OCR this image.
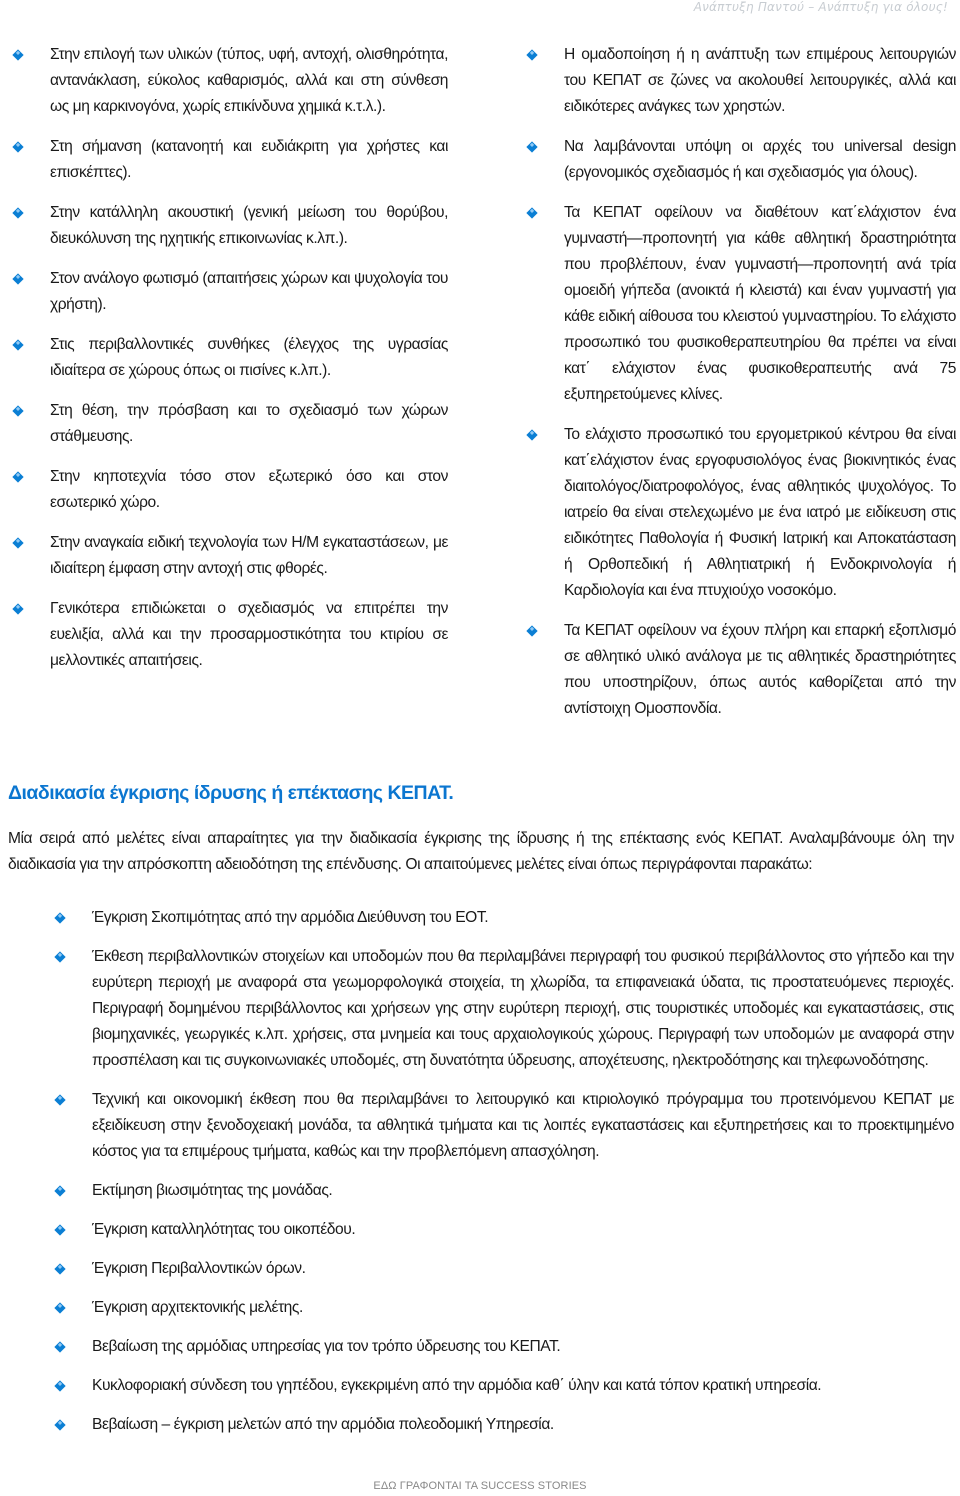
Ανάπτυξη Παντού – Ανάπτυξη για όλους!
Στην επιλογή των υλικών (τύπος, υφή, αντοχή, ολισθηρότητα, αντανάκλαση, εύκολος καθαρισμός, αλλά και στη σύνθεση ως μη καρκινογόνα, χωρίς επικίνδυνα χημικά κ.τ.λ.).
Στη σήμανση (κατανοητή και ευδιάκριτη για χρήστες και επισκέπτες).
Στην κατάλληλη ακουστική (γενική μείωση του θορύβου, διευκόλυνση της ηχητικής επικοινωνίας κ.λπ.).
Στον ανάλογο φωτισμό (απαιτήσεις χώρων και ψυχολογία του χρήστη).
Στις περιβαλλοντικές συνθήκες (έλεγχος της υγρασίας ιδιαίτερα σε χώρους όπως οι πισίνες κ.λπ.).
Στη θέση, την πρόσβαση και το σχεδιασμό των χώρων στάθμευσης.
Στην κηποτεχνία τόσο στον εξωτερικό όσο και στον εσωτερικό χώρο.
Στην αναγκαία ειδική τεχνολογία των Η/Μ εγκαταστάσεων, με ιδιαίτερη έμφαση στην αντοχή στις φθορές.
Γενικότερα επιδιώκεται ο σχεδιασμός να επιτρέπει την ευελιξία, αλλά και την προσαρμοστικότητα του κτιρίου σε μελλοντικές απαιτήσεις.
Η ομαδοποίηση ή η ανάπτυξη των επιμέρους λειτουργιών του ΚΕΠΑΤ σε ζώνες να ακολουθεί λειτουργικές, αλλά και ειδικότερες ανάγκες των χρηστών.
Να λαμβάνονται υπόψη οι αρχές του universal design (εργονομικός σχεδιασμός ή και σχεδιασμός για όλους).
Τα ΚΕΠΑΤ οφείλουν να διαθέτουν κατ΄ελάχιστον ένα γυμναστή—προπονητή για κάθε αθλητική δραστηριότητα που προβλέπουν, έναν γυμναστή—προπονητή ανά τρία ομοειδή γήπεδα (ανοικτά ή κλειστά) και έναν γυμναστή για κάθε ειδική αίθουσα του κλειστού γυμναστηρίου. Το ελάχιστο προσωπικό του φυσικοθεραπευτηρίου θα πρέπει να είναι κατ΄ ελάχιστον ένας φυσικοθεραπευτής ανά 75 εξυπηρετούμενες κλίνες.
Το ελάχιστο προσωπικό του εργομετρικού κέντρου θα είναι κατ΄ελάχιστον ένας εργοφυσιολόγος ένας βιοκινητικός ένας διαιτολόγος/διατροφολόγος, ένας αθλητικός ψυχολόγος. Το ιατρείο θα είναι στελεχωμένο με ένα ιατρό με ειδίκευση στις ειδικότητες Παθολογία ή Φυσική Ιατρική και Αποκατάσταση ή Ορθοπεδική ή Αθλητιατρική ή Ενδοκρινολογία ή Καρδιολογία και ένα πτυχιούχο νοσοκόμο.
Τα ΚΕΠΑΤ οφείλουν να έχουν πλήρη και επαρκή εξοπλισμό σε αθλητικό υλικό ανάλογα με τις αθλητικές δραστηριότητες που υποστηρίζουν, όπως αυτός καθορίζεται από την αντίστοιχη Ομοσπονδία.
Διαδικασία έγκρισης ίδρυσης ή επέκτασης ΚΕΠΑΤ.

Μία σειρά από μελέτες είναι απαραίτητες για την διαδικασία έγκρισης της ίδρυσης ή της επέκτασης ενός ΚΕΠΑΤ. Αναλαμβάνουμε όλη την διαδικασία για την απρόσκοπτη αδειοδότηση της επένδυσης. Οι απαιτούμενες μελέτες είναι όπως περιγράφονται παρακάτω:

Έγκριση Σκοπιμότητας από την αρμόδια Διεύθυνση του ΕΟΤ.
Έκθεση περιβαλλοντικών στοιχείων και υποδομών που θα περιλαμβάνει περιγραφή του φυσικού περιβάλλοντος στο γήπεδο και την ευρύτερη περιοχή με αναφορά στα γεωμορφολογικά στοιχεία, τη χλωρίδα, τα επιφανειακά ύδατα, τις προστατευόμενες περιοχές. Περιγραφή δομημένου περιβάλλοντος και χρήσεων γης στην ευρύτερη περιοχή, στις τουριστικές υποδομές και εγκαταστάσεις, στις βιομηχανικές, γεωργικές κ.λπ. χρήσεις, στα μνημεία και τους αρχαιολογικούς χώρους. Περιγραφή των υποδομών με αναφορά στην προσπέλαση και τις συγκοινωνιακές υποδομές, στη δυνατότητα ύδρευσης, αποχέτευσης, ηλεκτροδότησης και τηλεφωνοδότησης.
Τεχνική και οικονομική έκθεση που θα περιλαμβάνει το λειτουργικό και κτιριολογικό πρόγραμμα του προτεινόμενου ΚΕΠΑΤ με εξειδίκευση στην ξενοδοχειακή μονάδα, τα αθλητικά τμήματα και τις λοιπές εγκαταστάσεις και εξυπηρετήσεις και το προεκτιμημένο κόστος για τα επιμέρους τμήματα, καθώς και την προβλεπόμενη απασχόληση.
Εκτίμηση βιωσιμότητας της μονάδας.
Έγκριση καταλληλότητας του οικοπέδου.
Έγκριση Περιβαλλοντικών όρων.
Έγκριση αρχιτεκτονικής μελέτης.
Βεβαίωση της αρμόδιας υπηρεσίας για τον τρόπο ύδρευσης του ΚΕΠΑΤ.
Κυκλοφοριακή σύνδεση του γηπέδου, εγκεκριμένη από την αρμόδια καθ΄ ύλην και κατά τόπον κρατική υπηρεσία.
Βεβαίωση – έγκριση μελετών από την αρμόδια πολεοδομική Υπηρεσία.
ΕΔΩ ΓΡΑΦΟΝΤΑΙ ΤΑ SUCCESS STORIES
